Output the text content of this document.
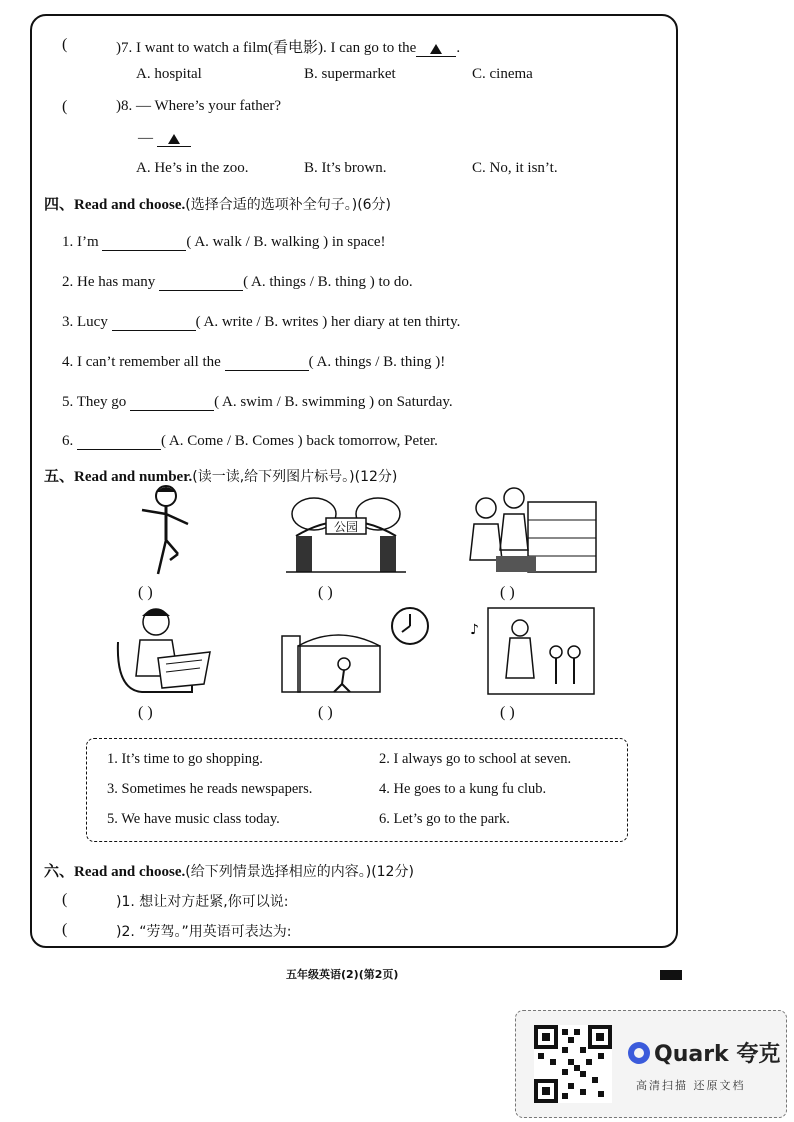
(	)7. I want to watch a film(看电影). I can go to the	.
A. hospital	B. supermarket	C. cinema
(	)8. — Where’s your father?
—
A. He’s in the zoo.	B. It’s brown.	C. No, it isn’t.
四、Read and choose.(选择合适的选项补全句子。)(6分)
1. I’m	( A. walk / B. walking ) in space!
2. He has many	( A. things / B. thing ) to do.
3. Lucy	( A. write / B. writes ) her diary at ten thirty.
4. I can’t remember all the	( A. things / B. thing )!
5. They go	( A. swim / B. swimming ) on Saturday.
6.	( A. Come / B. Comes ) back tomorrow, Peter.
五、Read and number.(读一读,给下列图片标号。)(12分)
公园
( )	( )	( )
♪
( )	( )	( )
1. It’s time to go shopping.	2. I always go to school at seven.
3. Sometimes he reads newspapers.	4. He goes to a kung fu club.
5. We have music class today.	6. Let’s go to the park.
六、Read and choose.(给下列情景选择相应的内容。)(12分)
(	)1. 想让对方赶紧,你可以说:
(	)2. “劳驾。”用英语可表达为:
五年级英语(2)(第2页)
Quark 夸克
高清扫描 还原文档
